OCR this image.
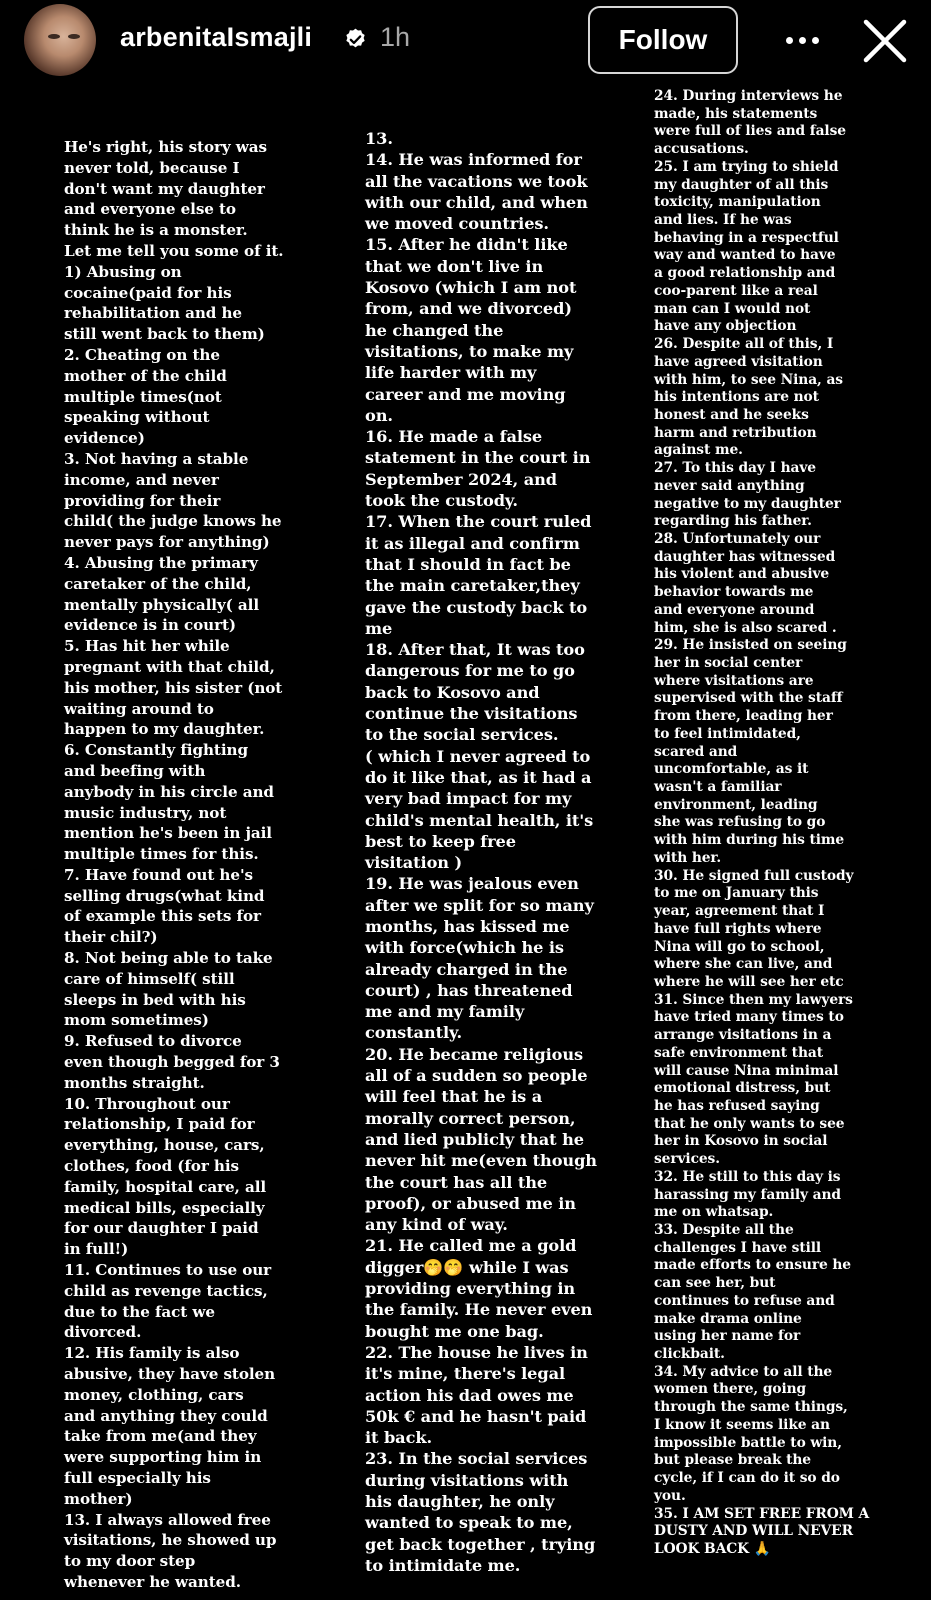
arbenitaIsmajli	1h	Follow
He's right, his story was
never told, because I
don't want my daughter
and everyone else to
think he is a monster.
Let me tell you some of it.
1) Abusing on
cocaine(paid for his
rehabilitation and he
still went back to them)
2. Cheating on the
mother of the child
multiple times(not
speaking without
evidence)
3. Not having a stable
income, and never
providing for their
child( the judge knows he
never pays for anything)
4. Abusing the primary
caretaker of the child,
mentally physically( all
evidence is in court)
5. Has hit her while
pregnant with that child,
his mother, his sister (not
waiting around to
happen to my daughter.
6. Constantly fighting
and beefing with
anybody in his circle and
music industry, not
mention he's been in jail
multiple times for this.
7. Have found out he's
selling drugs(what kind
of example this sets for
their chil?)
8. Not being able to take
care of himself( still
sleeps in bed with his
mom sometimes)
9. Refused to divorce
even though begged for 3
months straight.
10. Throughout our
relationship, I paid for
everything, house, cars,
clothes, food (for his
family, hospital care, all
medical bills, especially
for our daughter I paid
in full!)
11. Continues to use our
child as revenge tactics,
due to the fact we
divorced.
12. His family is also
abusive, they have stolen
money, clothing, cars
and anything they could
take from me(and they
were supporting him in
full especially his
mother)
13. I always allowed free
visitations, he showed up
to my door step
whenever he wanted.
13.
14. He was informed for
all the vacations we took
with our child, and when
we moved countries.
15. After he didn't like
that we don't live in
Kosovo (which I am not
from, and we divorced)
he changed the
visitations, to make my
life harder with my
career and me moving
on.
16. He made a false
statement in the court in
September 2024, and
took the custody.
17. When the court ruled
it as illegal and confirm
that I should in fact be
the main caretaker,they
gave the custody back to
me
18. After that, It was too
dangerous for me to go
back to Kosovo and
continue the visitations
to the social services.
( which I never agreed to
do it like that, as it had a
very bad impact for my
child's mental health, it's
best to keep free
visitation )
19. He was jealous even
after we split for so many
months, has kissed me
with force(which he is
already charged in the
court) , has threatened
me and my family
constantly.
20. He became religious
all of a sudden so people
will feel that he is a
morally correct person,
and lied publicly that he
never hit me(even though
the court has all the
proof), or abused me in
any kind of way.
21. He called me a gold
digger🤭🤭 while I was
providing everything in
the family. He never even
bought me one bag.
22. The house he lives in
it's mine, there's legal
action his dad owes me
50k € and he hasn't paid
it back.
23. In the social services
during visitations with
his daughter, he only
wanted to speak to me,
get back together , trying
to intimidate me.
24. During interviews he
made, his statements
were full of lies and false
accusations.
25. I am trying to shield
my daughter of all this
toxicity, manipulation
and lies. If he was
behaving in a respectful
way and wanted to have
a good relationship and
coo-parent like a real
man can I would not
have any objection
26. Despite all of this, I
have agreed visitation
with him, to see Nina, as
his intentions are not
honest and he seeks
harm and retribution
against me.
27. To this day I have
never said anything
negative to my daughter
regarding his father.
28. Unfortunately our
daughter has witnessed
his violent and abusive
behavior towards me
and everyone around
him, she is also scared .
29. He insisted on seeing
her in social center
where visitations are
supervised with the staff
from there, leading her
to feel intimidated,
scared and
uncomfortable, as it
wasn't a familiar
environment, leading
she was refusing to go
with him during his time
with her.
30. He signed full custody
to me on January this
year, agreement that I
have full rights where
Nina will go to school,
where she can live, and
where he will see her etc
31. Since then my lawyers
have tried many times to
arrange visitations in a
safe environment that
will cause Nina minimal
emotional distress, but
he has refused saying
that he only wants to see
her in Kosovo in social
services.
32. He still to this day is
harassing my family and
me on whatsap.
33. Despite all the
challenges I have still
made efforts to ensure he
can see her, but
continues to refuse and
make drama online
using her name for
clickbait.
34. My advice to all the
women there, going
through the same things,
I know it seems like an
impossible battle to win,
but please break the
cycle, if I can do it so do
you.
35. I AM SET FREE FROM A
DUSTY AND WILL NEVER
LOOK BACK 🙏
